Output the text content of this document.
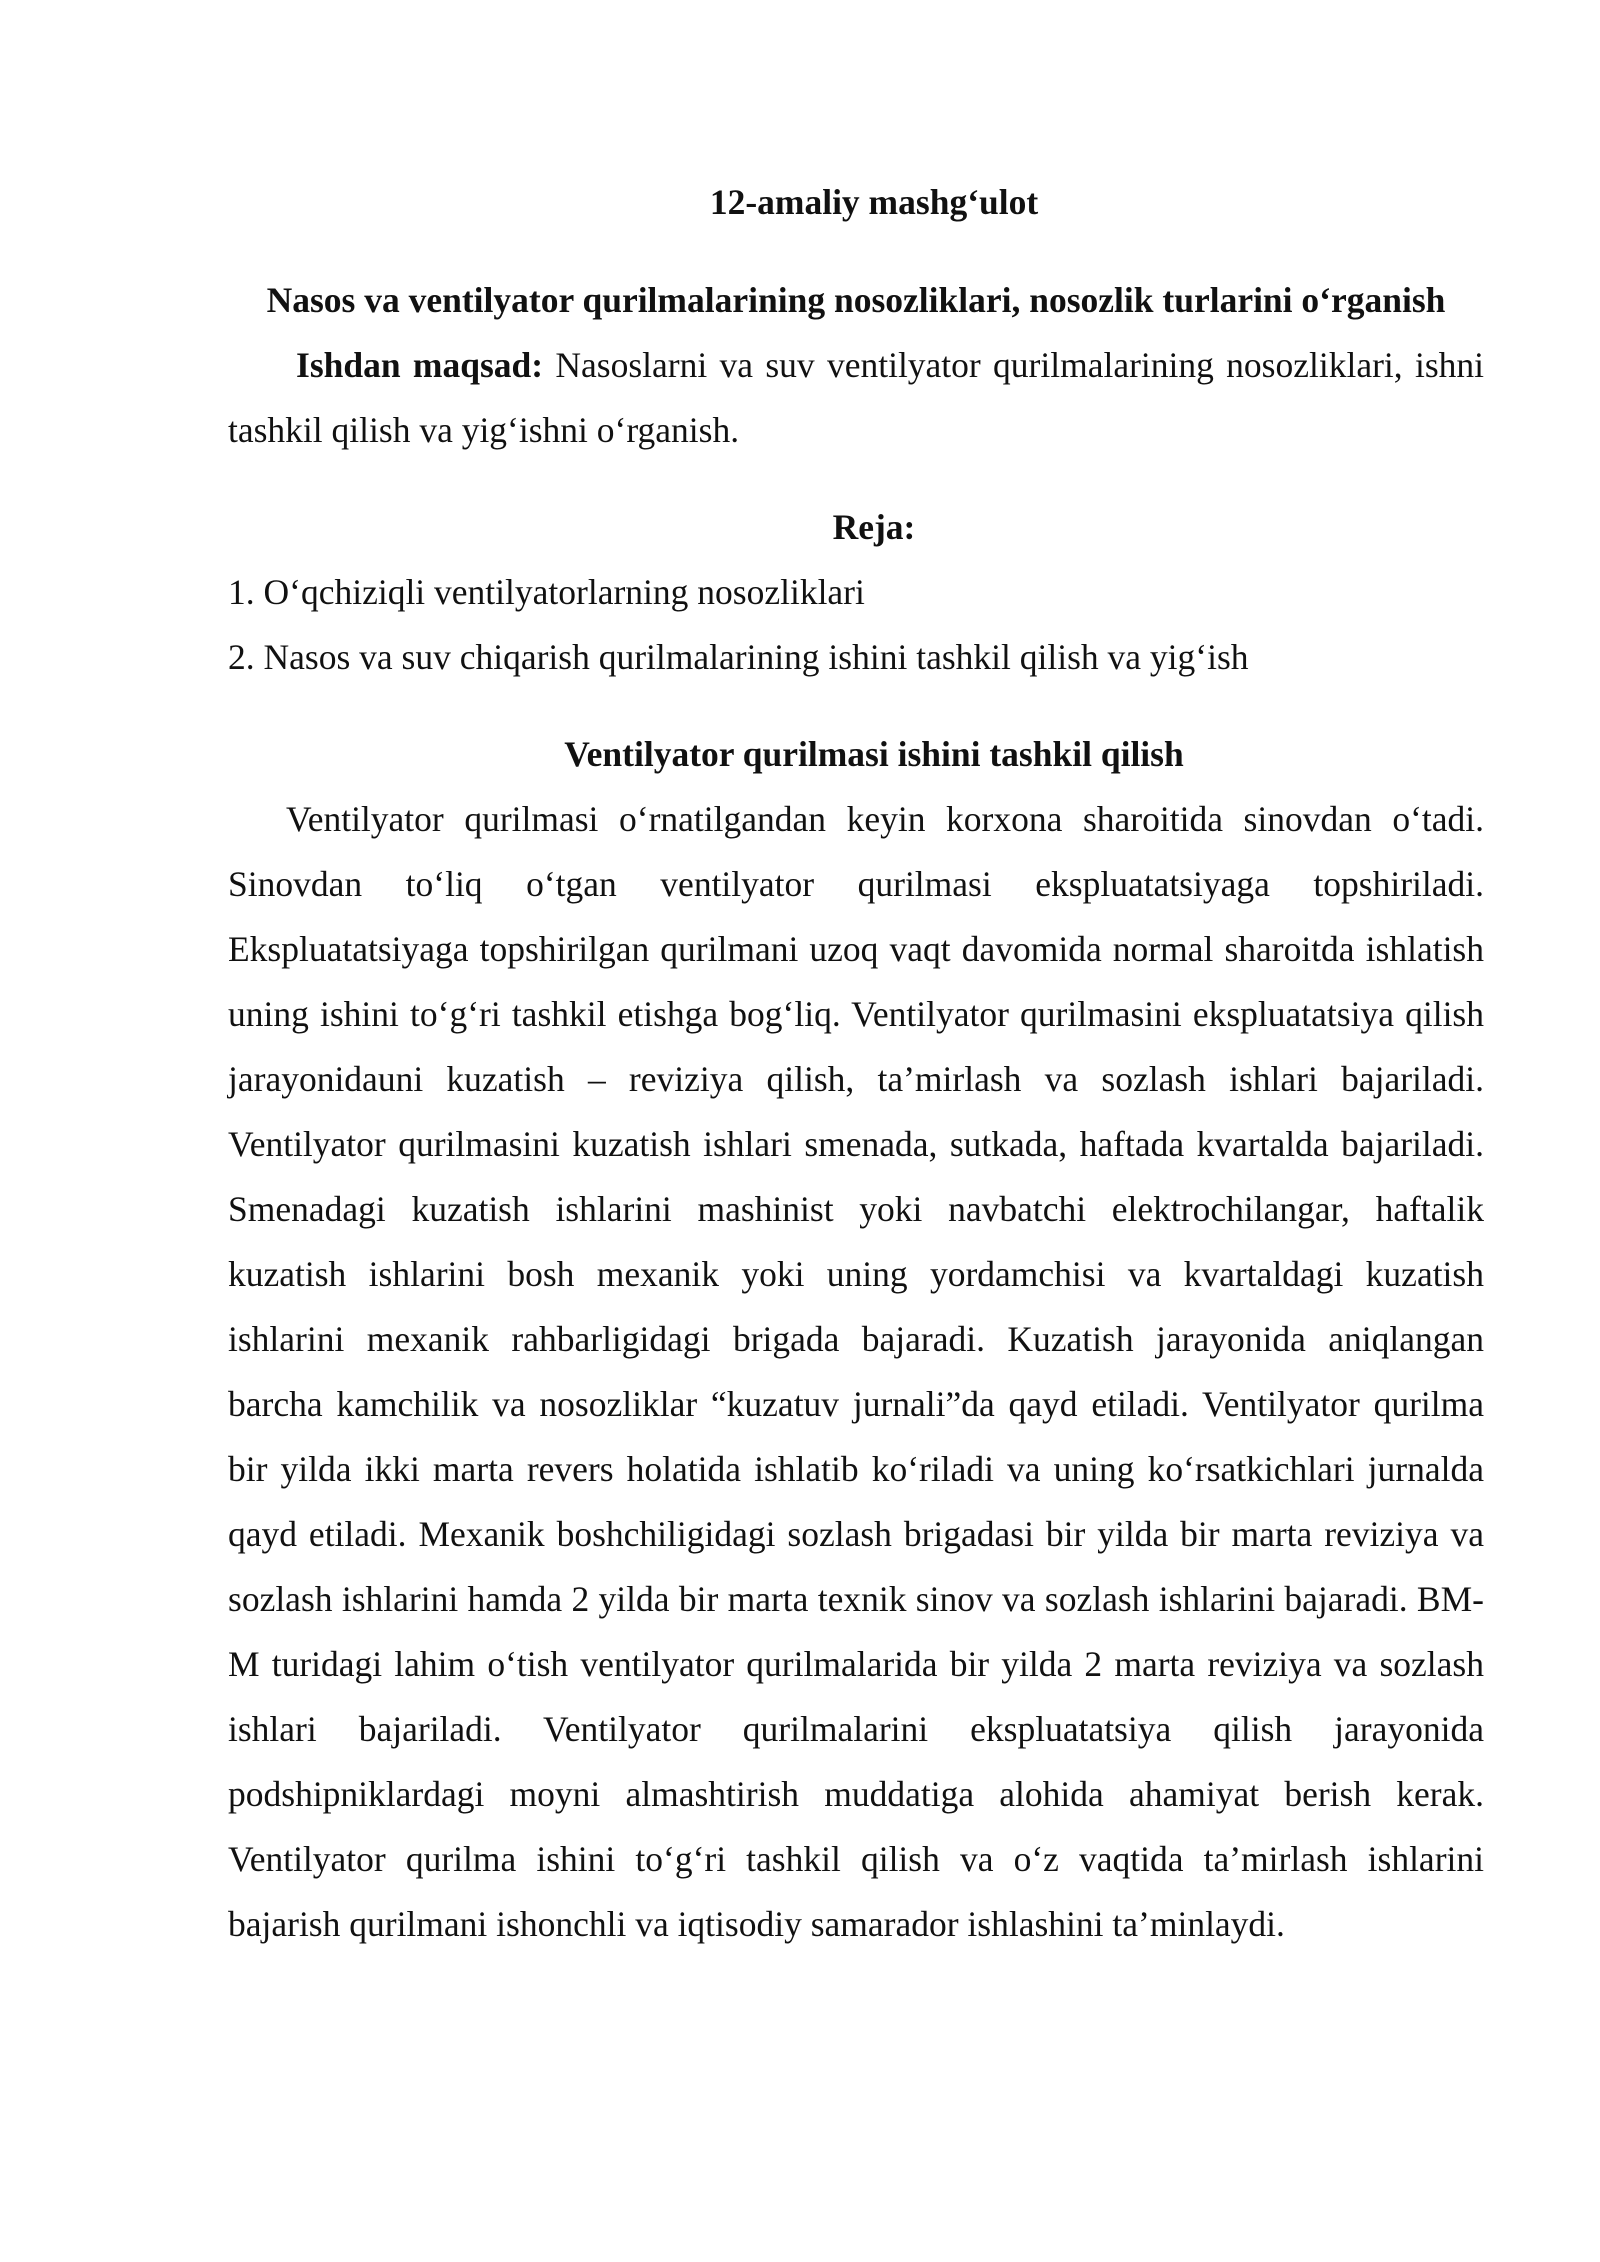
12-amaliy mashg‘ulot
Nasos va ventilyator qurilmalarining nosozliklari, nosozlik turlarini o‘rganish

Ishdan maqsad: Nasoslarni va suv ventilyator qurilmalarining nosozliklari, ishni tashkil qilish va yig‘ishni o‘rganish.

Reja:
1. O‘qchiziqli ventilyatorlarning nosozliklari
2. Nasos va suv chiqarish qurilmalarining ishini tashkil qilish va yig‘ish
Ventilyator qurilmasi ishini tashkil qilish

Ventilyator qurilmasi o‘rnatilgandan keyin korxona sharoitida sinovdan o‘tadi. Sinovdan to‘liq o‘tgan ventilyator qurilmasi ekspluatatsiyaga topshiriladi. Ekspluatatsiyaga topshirilgan qurilmani uzoq vaqt davomida normal sharoitda ishlatish uning ishini to‘g‘ri tashkil etishga bog‘liq. Ventilyator qurilmasini ekspluatatsiya qilish jarayonidauni kuzatish – reviziya qilish, ta’mirlash va sozlash ishlari bajariladi. Ventilyator qurilmasini kuzatish ishlari smenada, sutkada, haftada kvartalda bajariladi. Smenadagi kuzatish ishlarini mashinist yoki navbatchi elektrochilangar, haftalik kuzatish ishlarini bosh mexanik yoki uning yordamchisi va kvartaldagi kuzatish ishlarini mexanik rahbarligidagi brigada bajaradi. Kuzatish jarayonida aniqlangan barcha kamchilik va nosozliklar “kuzatuv jurnali”da qayd etiladi. Ventilyator qurilma bir yilda ikki marta revers holatida ishlatib ko‘riladi va uning ko‘rsatkichlari jurnalda qayd etiladi. Mexanik boshchiligidagi sozlash brigadasi bir yilda bir marta reviziya va sozlash ishlarini hamda 2 yilda bir marta texnik sinov va sozlash ishlarini bajaradi. BM-M turidagi lahim o‘tish ventilyator qurilmalarida bir yilda 2 marta reviziya va sozlash ishlari bajariladi. Ventilyator qurilmalarini ekspluatatsiya qilish jarayonida podshipniklardagi moyni almashtirish muddatiga alohida ahamiyat berish kerak. Ventilyator qurilma ishini to‘g‘ri tashkil qilish va o‘z vaqtida ta’mirlash ishlarini bajarish qurilmani ishonchli va iqtisodiy samarador ishlashini ta’minlaydi.
